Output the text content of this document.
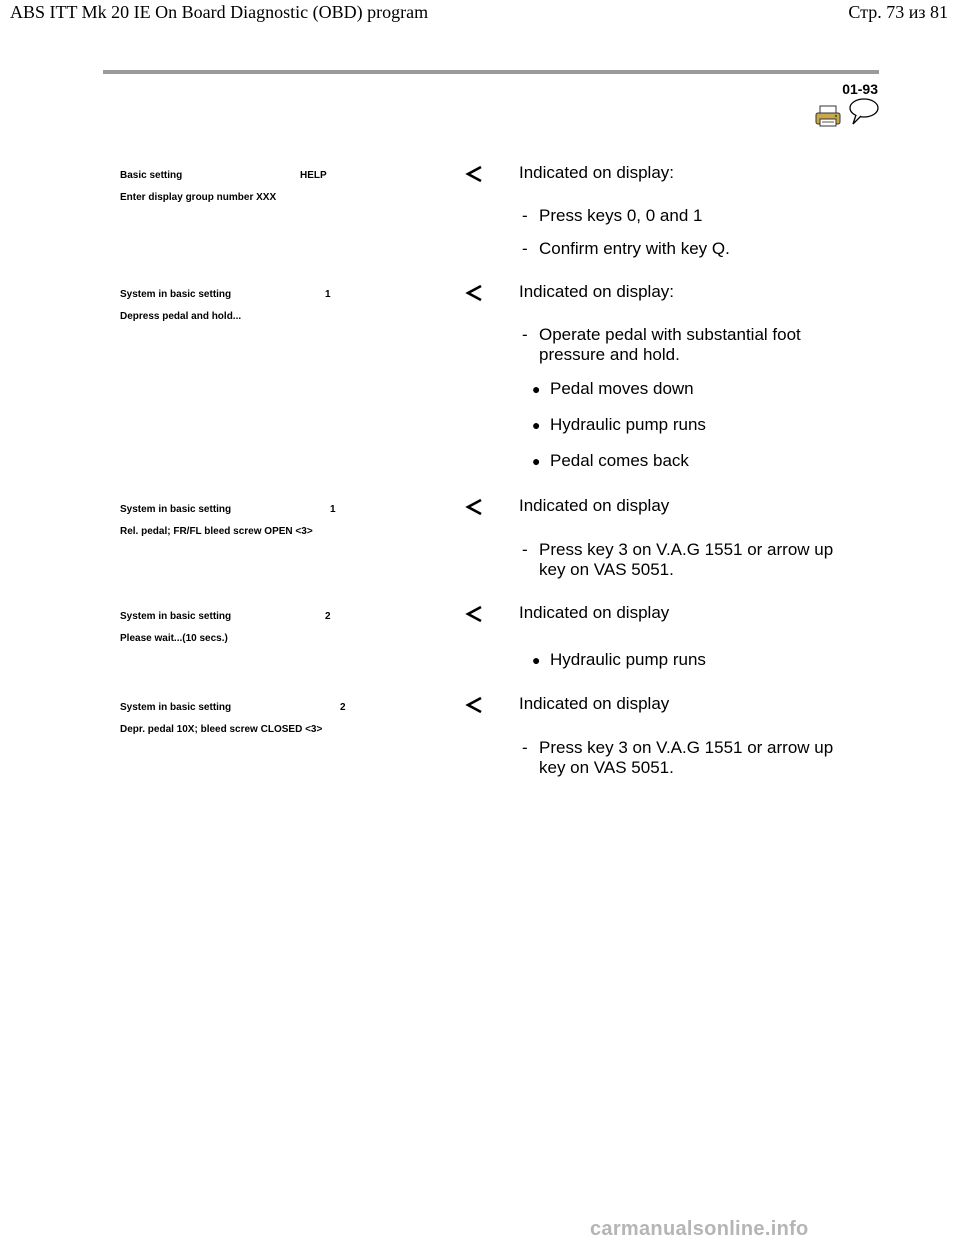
ABS ITT Mk 20 IE On Board Diagnostic (OBD) program	Стр. 73 из 81
01-93
Basic setting	HELP
Enter display group number XXX
Indicated on display:
- Press keys 0, 0 and 1
- Confirm entry with key Q.
System in basic setting	1
Depress pedal and hold...
Indicated on display:
- Operate pedal with substantial foot pressure and hold.
● Pedal moves down
● Hydraulic pump runs
● Pedal comes back
System in basic setting	1
Rel. pedal; FR/FL bleed screw OPEN <3>
Indicated on display
- Press key 3 on V.A.G 1551 or arrow up key on VAS 5051.
System in basic setting	2
Please wait...(10 secs.)
Indicated on display
● Hydraulic pump runs
System in basic setting	2
Depr. pedal 10X; bleed screw CLOSED <3>
Indicated on display
- Press key 3 on V.A.G 1551 or arrow up key on VAS 5051.
carmanualsonline.info
